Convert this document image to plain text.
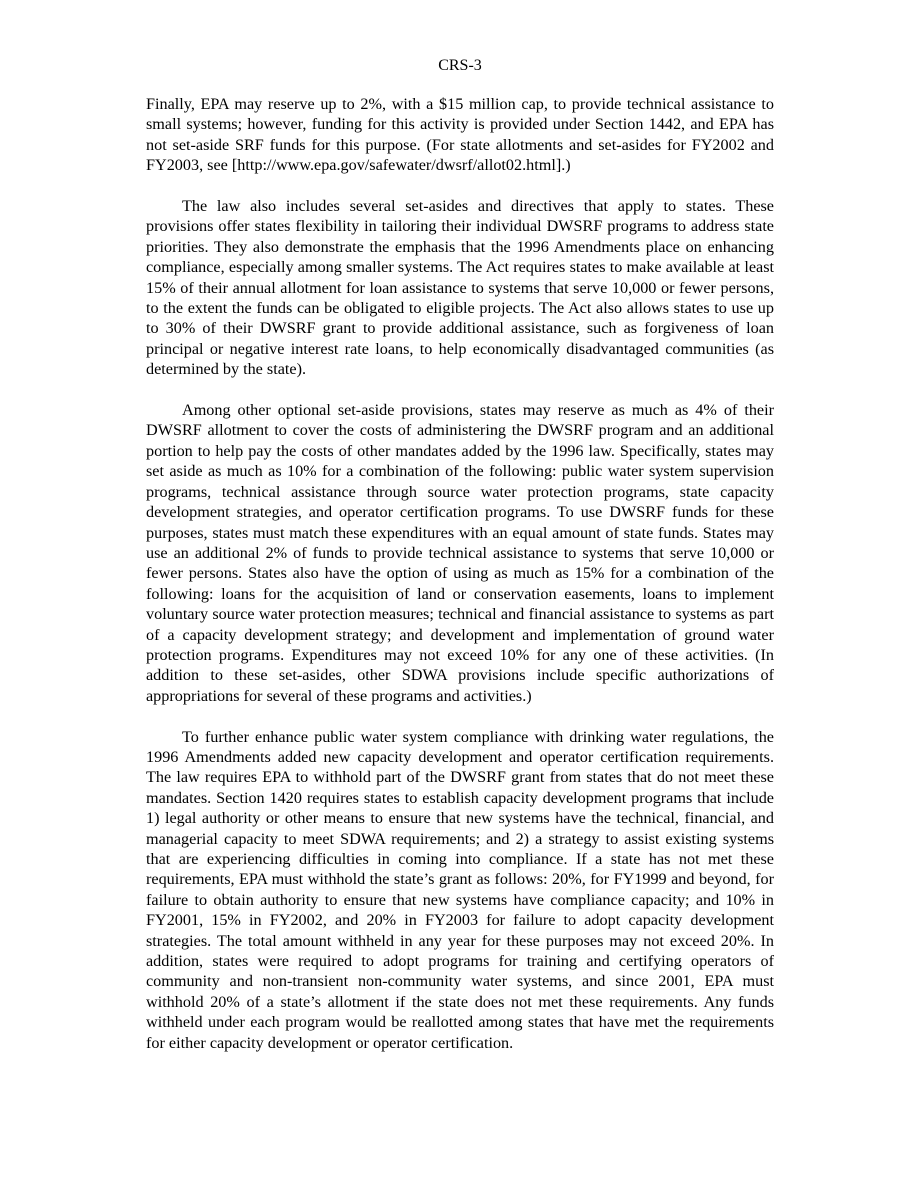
CRS-3

Finally, EPA may reserve up to 2%, with a $15 million cap, to provide technical assistance to small systems; however, funding for this activity is provided under Section 1442, and EPA has not set-aside SRF funds for this purpose. (For state allotments and set-asides for FY2002 and FY2003, see [http://www.epa.gov/safewater/dwsrf/allot02.html].)

The law also includes several set-asides and directives that apply to states. These provisions offer states flexibility in tailoring their individual DWSRF programs to address state priorities. They also demonstrate the emphasis that the 1996 Amendments place on enhancing compliance, especially among smaller systems. The Act requires states to make available at least 15% of their annual allotment for loan assistance to systems that serve 10,000 or fewer persons, to the extent the funds can be obligated to eligible projects. The Act also allows states to use up to 30% of their DWSRF grant to provide additional assistance, such as forgiveness of loan principal or negative interest rate loans, to help economically disadvantaged communities (as determined by the state).

Among other optional set-aside provisions, states may reserve as much as 4% of their DWSRF allotment to cover the costs of administering the DWSRF program and an additional portion to help pay the costs of other mandates added by the 1996 law. Specifically, states may set aside as much as 10% for a combination of the following: public water system supervision programs, technical assistance through source water protection programs, state capacity development strategies, and operator certification programs. To use DWSRF funds for these purposes, states must match these expenditures with an equal amount of state funds. States may use an additional 2% of funds to provide technical assistance to systems that serve 10,000 or fewer persons. States also have the option of using as much as 15% for a combination of the following: loans for the acquisition of land or conservation easements, loans to implement voluntary source water protection measures; technical and financial assistance to systems as part of a capacity development strategy; and development and implementation of ground water protection programs. Expenditures may not exceed 10% for any one of these activities. (In addition to these set-asides, other SDWA provisions include specific authorizations of appropriations for several of these programs and activities.)

To further enhance public water system compliance with drinking water regulations, the 1996 Amendments added new capacity development and operator certification requirements. The law requires EPA to withhold part of the DWSRF grant from states that do not meet these mandates. Section 1420 requires states to establish capacity development programs that include 1) legal authority or other means to ensure that new systems have the technical, financial, and managerial capacity to meet SDWA requirements; and 2) a strategy to assist existing systems that are experiencing difficulties in coming into compliance. If a state has not met these requirements, EPA must withhold the state’s grant as follows: 20%, for FY1999 and beyond, for failure to obtain authority to ensure that new systems have compliance capacity; and 10% in FY2001, 15% in FY2002, and 20% in FY2003 for failure to adopt capacity development strategies. The total amount withheld in any year for these purposes may not exceed 20%. In addition, states were required to adopt programs for training and certifying operators of community and non-transient non-community water systems, and since 2001, EPA must withhold 20% of a state’s allotment if the state does not met these requirements. Any funds withheld under each program would be reallotted among states that have met the requirements for either capacity development or operator certification.
